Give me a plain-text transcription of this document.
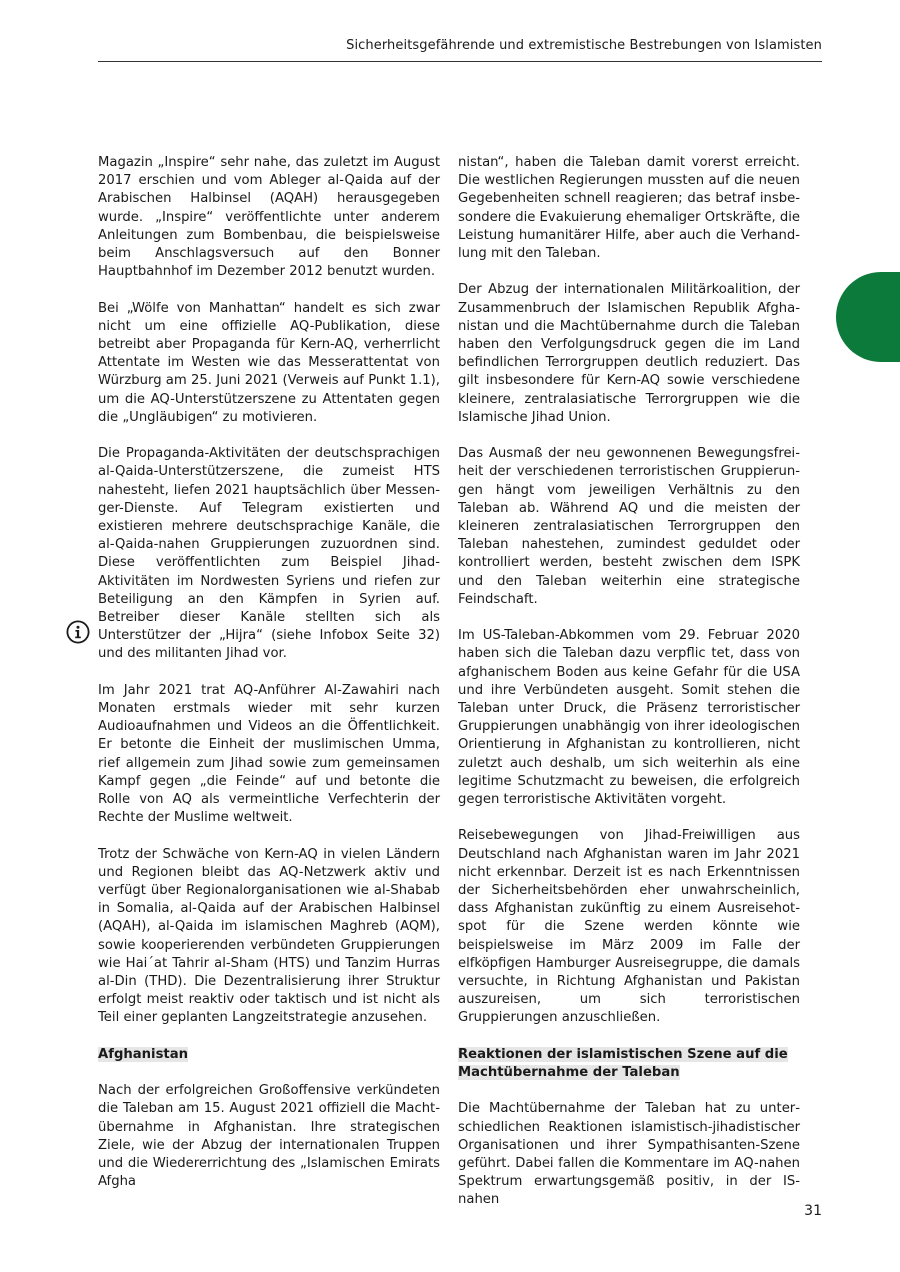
Sicherheitsgefährende und extremistische Bestrebungen von Islamisten

Magazin „Inspire“ sehr nahe, das zuletzt im August 2017 erschien und vom Ableger al-Qaida auf der Arabischen Halbinsel (AQAH) herausgegeben wurde. „Inspire“ veröffentlichte unter anderem Anleitungen zum Bombenbau, die beispielsweise beim Anschlagsversuch auf den Bonner Hauptbahnhof im Dezember 2012 benutzt wurden.

Bei „Wölfe von Manhattan“ handelt es sich zwar nicht um eine offizielle AQ-Publikation, diese betreibt aber Propaganda für Kern-AQ, verherrlicht Attentate im Westen wie das Messerattentat von Würzburg am 25. Juni 2021 (Verweis auf Punkt 1.1), um die AQ-Unterstützerszene zu Attentaten gegen die „Ungläubigen“ zu motivieren.

Die Propaganda-Aktivitäten der deutschsprachigen al-Qaida-Unterstützerszene, die zumeist HTS nahesteht, liefen 2021 hauptsächlich über Messenger-Dienste. Auf Telegram existierten und existieren mehrere deutschsprachige Kanäle, die al-Qaida-nahen Gruppierungen zuzuordnen sind. Diese veröffentlichten zum Beispiel Jihad-Aktivitäten im Nordwesten Syriens und riefen zur Beteiligung an den Kämpfen in Syrien auf. Betreiber dieser Kanäle stellten sich als Unterstützer der „Hijra“ (siehe Infobox Seite 32) und des militanten Jihad vor.

Im Jahr 2021 trat AQ-Anführer Al-Zawahiri nach Monaten erstmals wieder mit sehr kurzen Audioaufnahmen und Videos an die Öffentlichkeit. Er betonte die Einheit der muslimischen Umma, rief allgemein zum Jihad sowie zum gemeinsamen Kampf gegen „die Feinde“ auf und betonte die Rolle von AQ als vermeintliche Verfechterin der Rechte der Muslime weltweit.

Trotz der Schwäche von Kern-AQ in vielen Ländern und Regionen bleibt das AQ-Netzwerk aktiv und verfügt über Regionalorganisationen wie al-Shabab in Somalia, al-Qaida auf der Arabischen Halbinsel (AQAH), al-Qaida im islamischen Maghreb (AQM), sowie kooperierenden verbündeten Gruppierungen wie Hai´at Tahrir al-Sham (HTS) und Tanzim Hurras al-Din (THD). Die Dezentralisierung ihrer Struktur erfolgt meist reaktiv oder taktisch und ist nicht als Teil einer geplanten Langzeitstrategie anzusehen.

Afghanistan

Nach der erfolgreichen Großoffensive verkündeten die Taleban am 15. August 2021 offiziell die Machtübernahme in Afghanistan. Ihre strategischen Ziele, wie der Abzug der internationalen Truppen und die Wiedererrichtung des „Islamischen Emirats Afgha

nistan“, haben die Taleban damit vorerst erreicht. Die westlichen Regierungen mussten auf die neuen Gegebenheiten schnell reagieren; das betraf insbesondere die Evakuierung ehemaliger Ortskräfte, die Leistung humanitärer Hilfe, aber auch die Verhandlung mit den Taleban.

Der Abzug der internationalen Militärkoalition, der Zusammenbruch der Islamischen Republik Afghanistan und die Machtübernahme durch die Taleban haben den Verfolgungsdruck gegen die im Land befindlichen Terrorgruppen deutlich reduziert. Das gilt insbesondere für Kern-AQ sowie verschiedene kleinere, zentralasiatische Terrorgruppen wie die Islamische Jihad Union.

Das Ausmaß der neu gewonnenen Bewegungsfreiheit der verschiedenen terroristischen Gruppierungen hängt vom jeweiligen Verhältnis zu den Taleban ab. Während AQ und die meisten der kleineren zentralasiatischen Terrorgruppen den Taleban nahestehen, zumindest geduldet oder kontrolliert werden, besteht zwischen dem ISPK und den Taleban weiterhin eine strategische Feindschaft.

Im US-Taleban-Abkommen vom 29. Februar 2020 haben sich die Taleban dazu verpflic tet, dass von afghanischem Boden aus keine Gefahr für die USA und ihre Verbündeten ausgeht. Somit stehen die Taleban unter Druck, die Präsenz terroristischer Gruppierungen unabhängig von ihrer ideologischen Orientierung in Afghanistan zu kontrollieren, nicht zuletzt auch deshalb, um sich weiterhin als eine legitime Schutzmacht zu beweisen, die erfolgreich gegen terroristische Aktivitäten vorgeht.

Reisebewegungen von Jihad-Freiwilligen aus Deutschland nach Afghanistan waren im Jahr 2021 nicht erkennbar. Derzeit ist es nach Erkenntnissen der Sicherheitsbehörden eher unwahrscheinlich, dass Afghanistan zukünftig zu einem Ausreisehotspot für die Szene werden könnte wie beispielsweise im März 2009 im Falle der elfköpfigen Hamburger Ausreisegruppe, die damals versuchte, in Richtung Afghanistan und Pakistan auszureisen, um sich terroristischen Gruppierungen anzuschließen.

Reaktionen der islamistischen Szene auf die Machtübernahme der Taleban

Die Machtübernahme der Taleban hat zu unterschiedlichen Reaktionen islamistisch-jihadistischer Organisationen und ihrer Sympathisanten-Szene geführt. Dabei fallen die Kommentare im AQ-nahen Spektrum erwartungsgemäß positiv, in der IS-nahen

31
